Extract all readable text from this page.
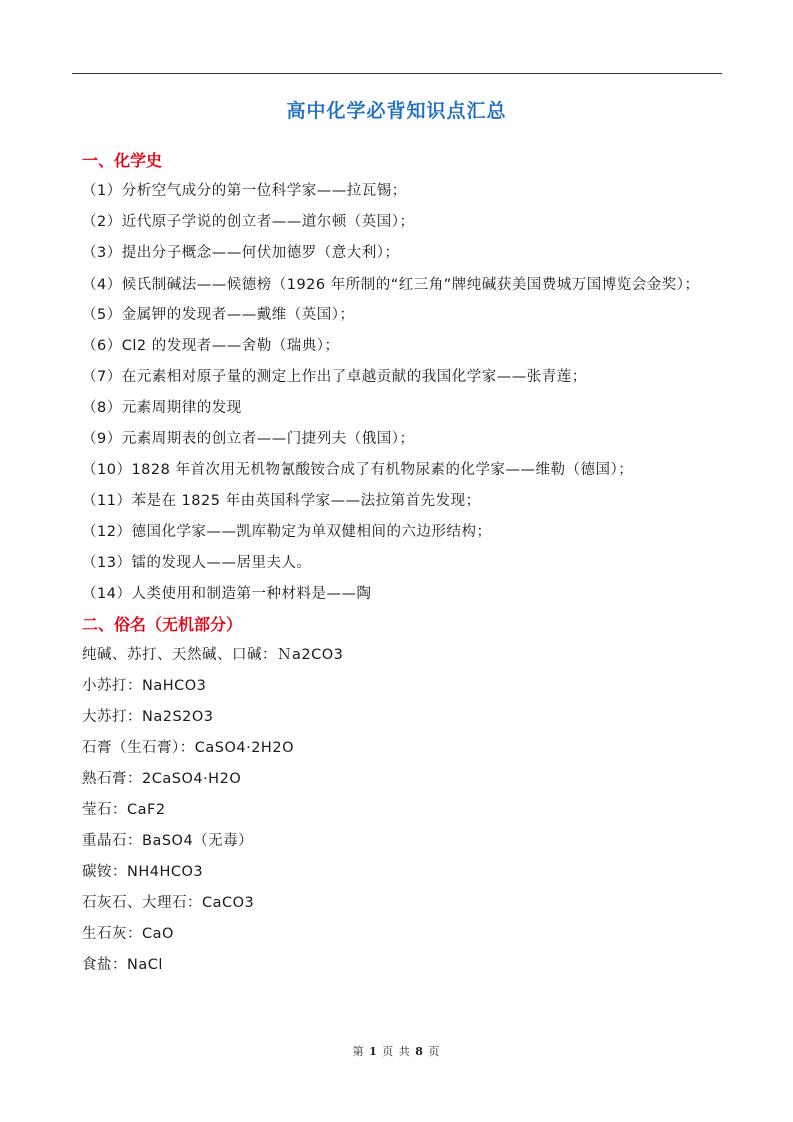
高中化学必背知识点汇总
一、化学史
（1）分析空气成分的第一位科学家——拉瓦锡；
（2）近代原子学说的创立者——道尔顿（英国）；
（3）提出分子概念——何伏加德罗（意大利）；
（4）候氏制碱法——候德榜（1926 年所制的“红三角”牌纯碱获美国费城万国博览会金奖）；
（5）金属钾的发现者——戴维（英国）；
（6）Cl2 的发现者——舍勒（瑞典）；
（7）在元素相对原子量的测定上作出了卓越贡献的我国化学家——张青莲；
（8）元素周期律的发现
（9）元素周期表的创立者——门捷列夫（俄国）；
（10）1828 年首次用无机物氰酸铵合成了有机物尿素的化学家——维勒（德国）；
（11）苯是在 1825 年由英国科学家——法拉第首先发现；
（12）德国化学家——凯库勒定为单双健相间的六边形结构；
（13）镭的发现人——居里夫人。
（14）人类使用和制造第一种材料是——陶
二、俗名（无机部分）
纯碱、苏打、天然碱、口碱：Ｎa2CO3
小苏打：NaHCO3
大苏打：Na2S2O3
石膏（生石膏）：CaSO4·2H2O
熟石膏：2CaSO4·H2O
莹石：CaF2
重晶石：BaSO4（无毒）
碳铵：NH4HCO3
石灰石、大理石：CaCO3
生石灰：CaO
食盐：NaCl
第 1 页 共 8 页
